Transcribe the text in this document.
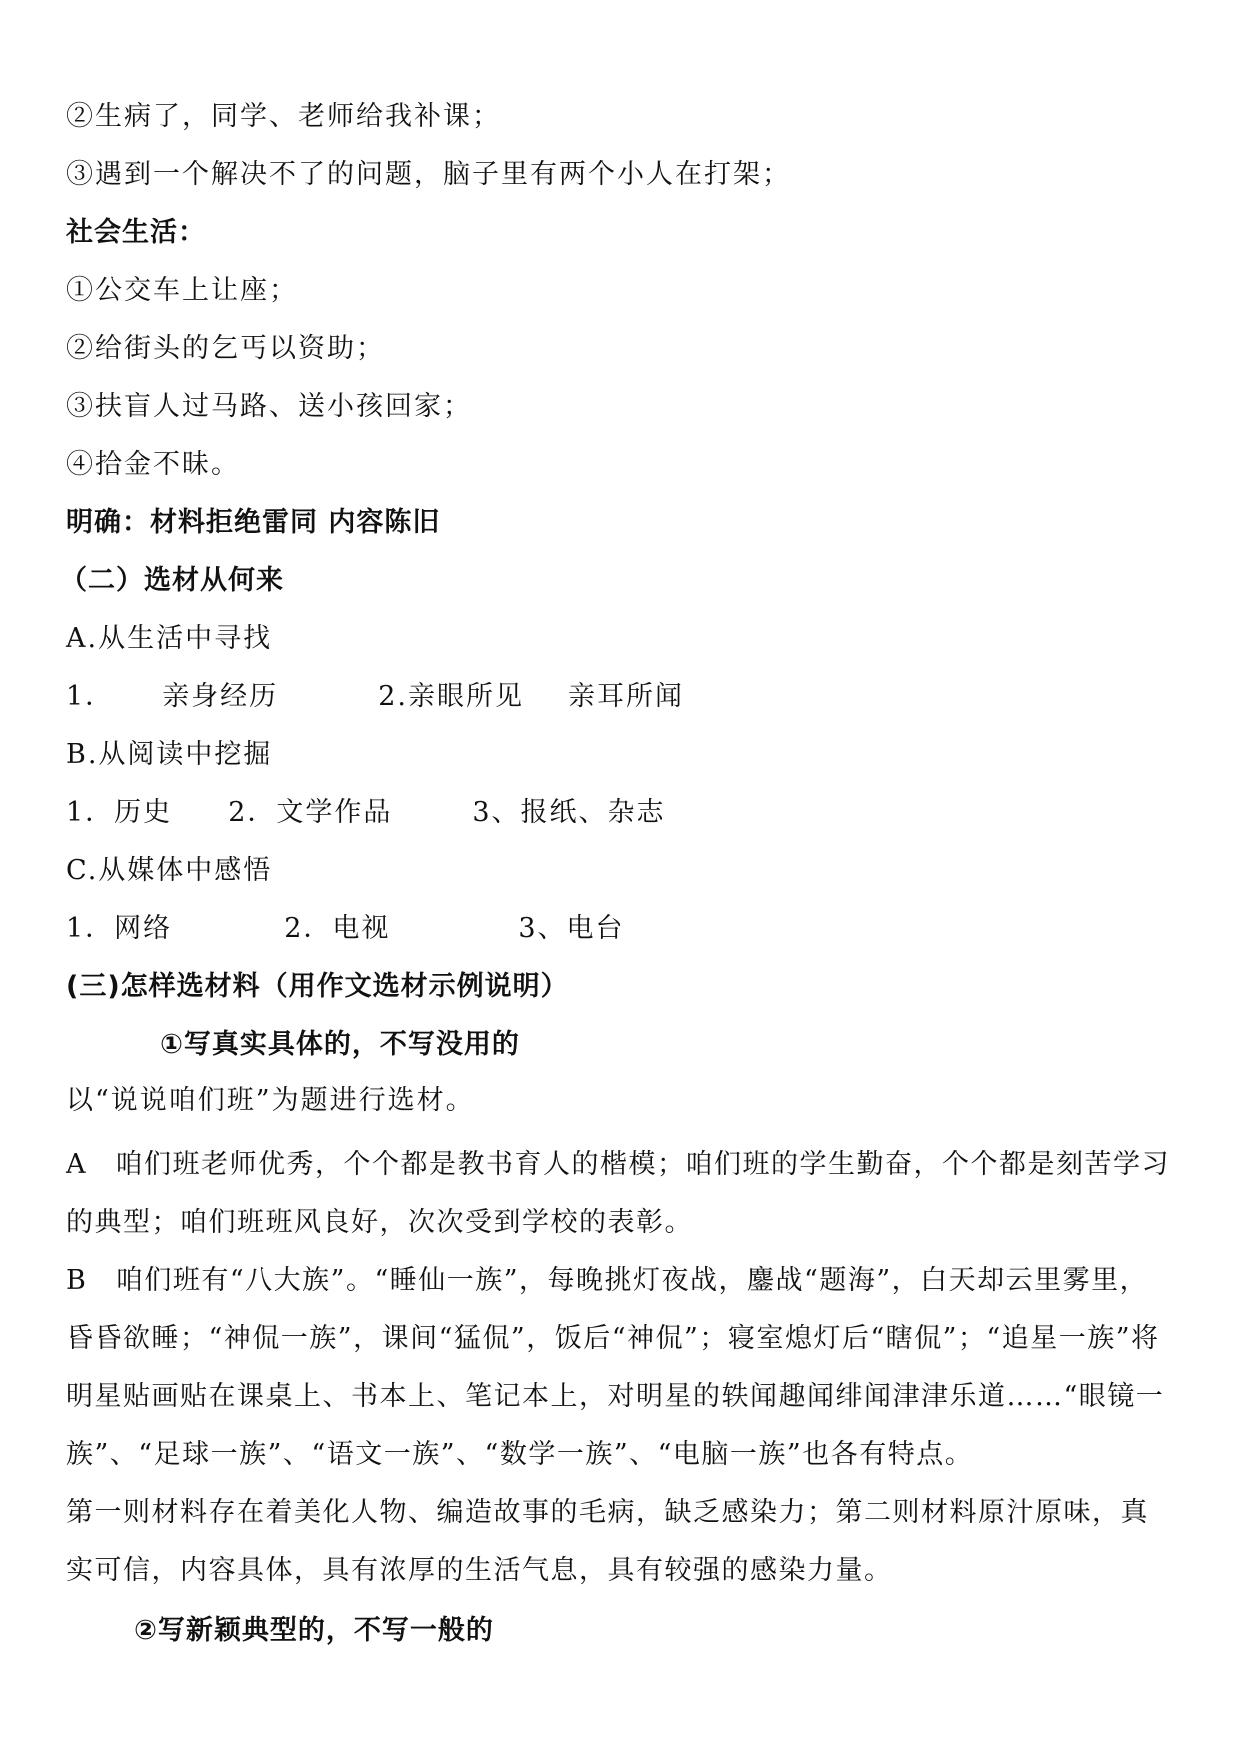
②生病了，同学、老师给我补课；

③遇到一个解决不了的问题，脑子里有两个小人在打架；

社会生活：

①公交车上让座；

②给街头的乞丐以资助；

③扶盲人过马路、送小孩回家；

④拾金不昧。

明确：材料拒绝雷同 内容陈旧

（二）选材从何来

A.从生活中寻找

1． 亲身经历	2.亲眼所见 亲耳所闻

B.从阅读中挖掘

1．历史 2．文学作品	3、报纸、杂志

C.从媒体中感悟

1．网络	2．电视	3、电台

(三)怎样选材料（用作文选材示例说明）

①写真实具体的，不写没用的

以“说说咱们班”为题进行选材。

A　咱们班老师优秀，个个都是教书育人的楷模；咱们班的学生勤奋，个个都是刻苦学习的典型；咱们班班风良好，次次受到学校的表彰。

B　咱们班有“八大族”。“睡仙一族”，每晚挑灯夜战，鏖战“题海”，白天却云里雾里，昏昏欲睡；“神侃一族”，课间“猛侃”，饭后“神侃”；寝室熄灯后“瞎侃”；“追星一族”将明星贴画贴在课桌上、书本上、笔记本上，对明星的轶闻趣闻绯闻津津乐道……“眼镜一族”、“足球一族”、“语文一族”、“数学一族”、“电脑一族”也各有特点。

第一则材料存在着美化人物、编造故事的毛病，缺乏感染力；第二则材料原汁原味，真实可信，内容具体，具有浓厚的生活气息，具有较强的感染力量。

②写新颖典型的，不写一般的
